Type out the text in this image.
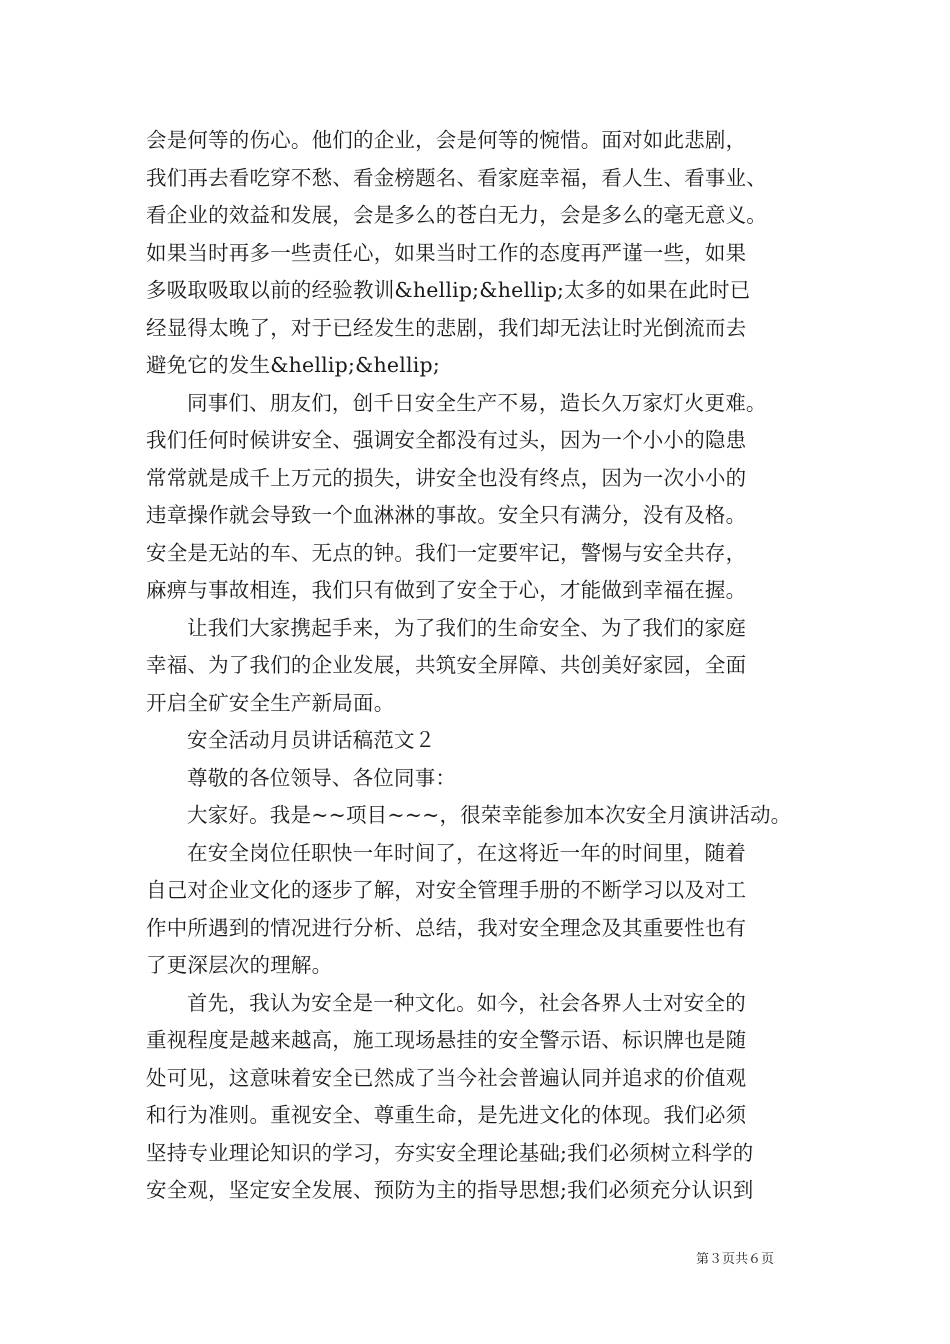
会是何等的伤心。他们的企业，会是何等的惋惜。面对如此悲剧，
我们再去看吃穿不愁、看金榜题名、看家庭幸福，看人生、看事业、
看企业的效益和发展，会是多么的苍白无力，会是多么的毫无意义。
如果当时再多一些责任心，如果当时工作的态度再严谨一些，如果
多吸取吸取以前的经验教训&hellip;&hellip;太多的如果在此时已
经显得太晚了，对于已经发生的悲剧，我们却无法让时光倒流而去
避免它的发生&hellip;&hellip;
同事们、朋友们，创千日安全生产不易，造长久万家灯火更难。
我们任何时候讲安全、强调安全都没有过头，因为一个小小的隐患
常常就是成千上万元的损失，讲安全也没有终点，因为一次小小的
违章操作就会导致一个血淋淋的事故。安全只有满分，没有及格。
安全是无站的车、无点的钟。我们一定要牢记，警惕与安全共存，
麻痹与事故相连，我们只有做到了安全于心，才能做到幸福在握。
让我们大家携起手来，为了我们的生命安全、为了我们的家庭
幸福、为了我们的企业发展，共筑安全屏障、共创美好家园，全面
开启全矿安全生产新局面。
安全活动月员讲话稿范文２
尊敬的各位领导、各位同事：
大家好。我是~~项目~~~，很荣幸能参加本次安全月演讲活动。
在安全岗位任职快一年时间了，在这将近一年的时间里，随着
自己对企业文化的逐步了解，对安全管理手册的不断学习以及对工
作中所遇到的情况进行分析、总结，我对安全理念及其重要性也有
了更深层次的理解。
首先，我认为安全是一种文化。如今，社会各界人士对安全的
重视程度是越来越高，施工现场悬挂的安全警示语、标识牌也是随
处可见，这意味着安全已然成了当今社会普遍认同并追求的价值观
和行为准则。重视安全、尊重生命，是先进文化的体现。我们必须
坚持专业理论知识的学习，夯实安全理论基础;我们必须树立科学的
安全观，坚定安全发展、预防为主的指导思想;我们必须充分认识到
第３页共６页
